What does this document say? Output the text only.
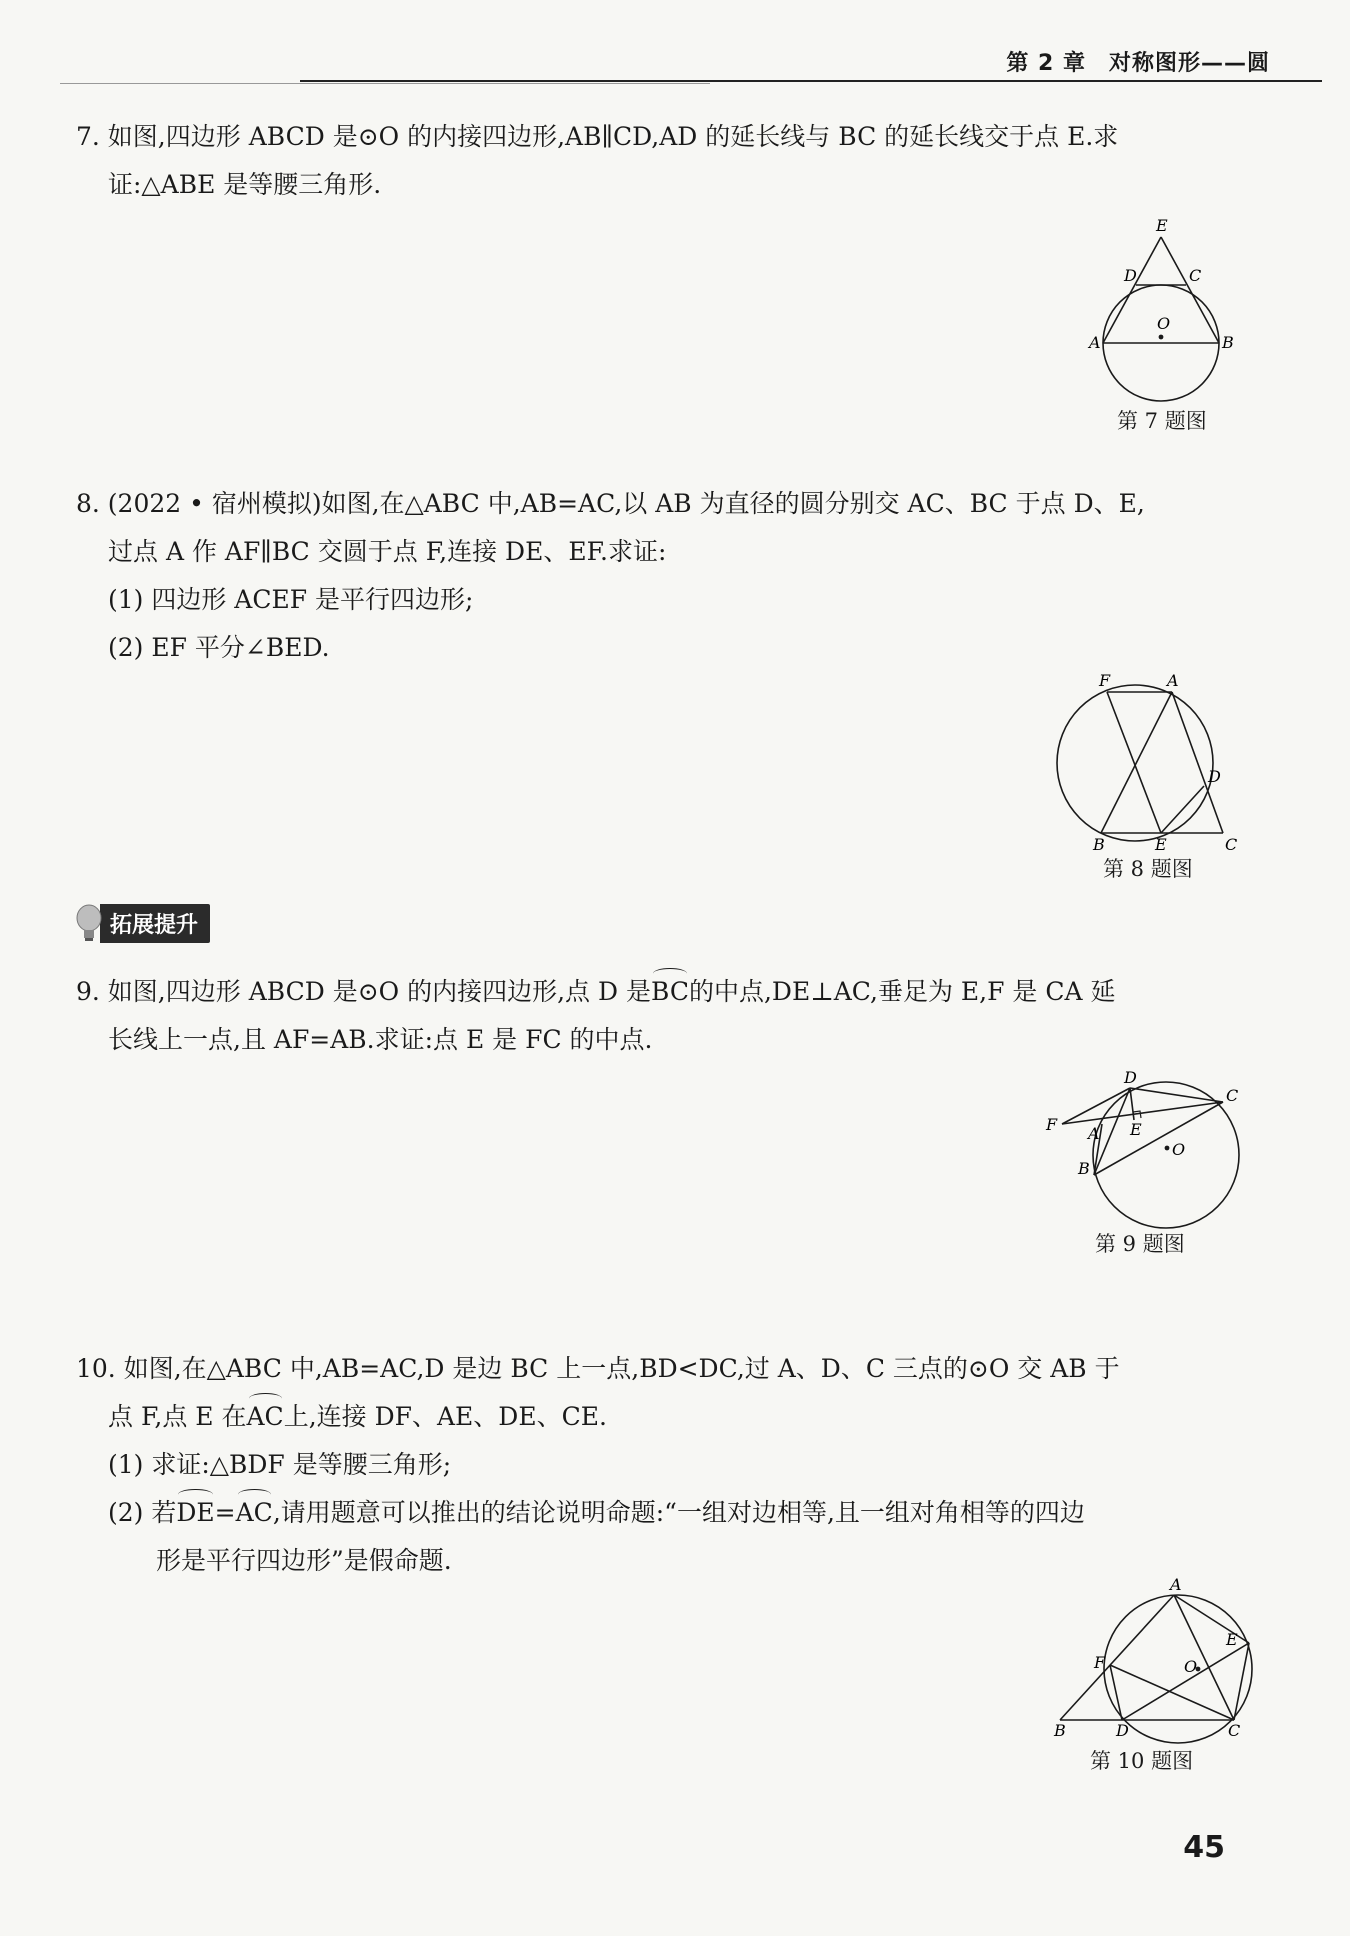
第 2 章　对称图形——圆

7. 如图,四边形 ABCD 是⊙O 的内接四边形,AB∥CD,AD 的延长线与 BC 的延长线交于点 E.求

证:△ABE 是等腰三角形.

E
D	C
O
A	B
第 7 题图

8. (2022 • 宿州模拟)如图,在△ABC 中,AB=AC,以 AB 为直径的圆分别交 AC、BC 于点 D、E,

过点 A 作 AF∥BC 交圆于点 F,连接 DE、EF.求证:

(1) 四边形 ACEF 是平行四边形;

(2) EF 平分∠BED.

F	A
D
B	E	C
第 8 题图
拓展提升

9. 如图,四边形 ABCD 是⊙O 的内接四边形,点 D 是BC的中点,DE⊥AC,垂足为 E,F 是 CA 延

长线上一点,且 AF=AB.求证:点 E 是 FC 的中点.

D
C
F A E
B
O
第 9 题图

10. 如图,在△ABC 中,AB=AC,D 是边 BC 上一点,BD<DC,过 A、D、C 三点的⊙O 交 AB 于

点 F,点 E 在AC上,连接 DF、AE、DE、CE.

(1) 求证:△BDF 是等腰三角形;

(2) 若DE=AC,请用题意可以推出的结论说明命题:“一组对边相等,且一组对角相等的四边

形是平行四边形”是假命题.

A
E
F	O
B	D	C
第 10 题图
45
